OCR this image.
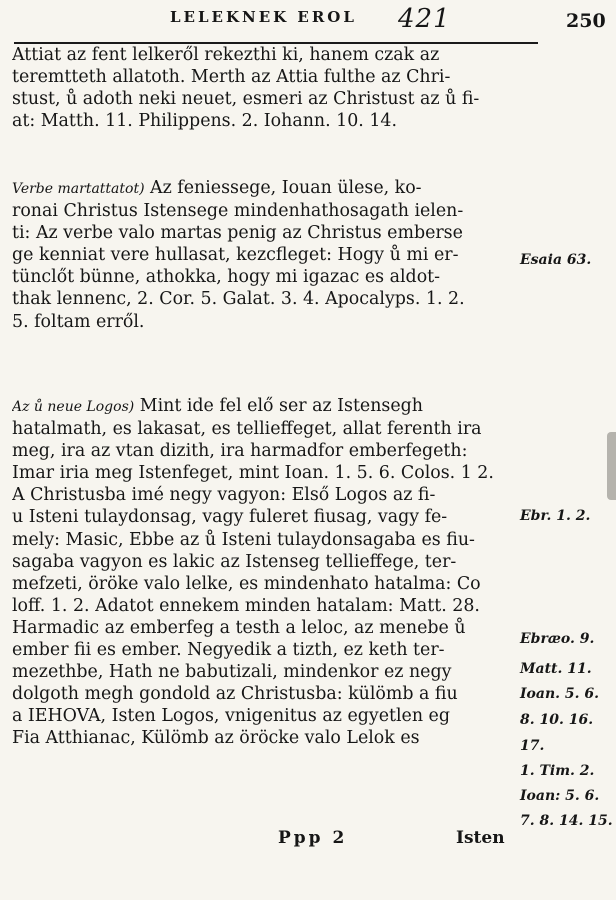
LELEKNEK EROL 421	250
Attiat az fent lelkeről rekezthi ki, hanem czak az
teremtteth allatoth. Merth az Attia fulthe az Chri-
stust, ů adoth neki neuet, esmeri az Christust az ů fi-
at: Matth. 11. Philippens. 2. Iohann. 10. 14.
Verbe martattatot) Az feniessege, Iouan ülese, ko-
ronai Christus Istensege mindenhathosagath ielen-
ti: Az verbe valo martas penig az Christus emberse
ge kenniat vere hullasat, kezcfleget: Hogy ů mi er-
tünclőt bünne, athokka, hogy mi igazac es aldot-
thak lennenc, 2. Cor. 5. Galat. 3. 4. Apocalyps. 1. 2.
5. foltam erről.
Az ů neue Logos) Mint ide fel elő ser az Istensegh
hatalmath, es lakasat, es tellieffeget, allat ferenth ira
meg, ira az vtan dizith, ira harmadfor emberfegeth:
Imar iria meg Istenfeget, mint Ioan. 1. 5. 6. Colos. 1 2.
A Christusba imé negy vagyon: Első Logos az fi-
u Isteni tulaydonsag, vagy fuleret fiusag, vagy fe-
mely: Masic, Ebbe az ů Isteni tulaydonsagaba es fiu-
sagaba vagyon es lakic az Istenseg tellieffege, ter-
mefzeti, öröke valo lelke, es mindenhato hatalma: Co
loff. 1. 2. Adatot ennekem minden hatalam: Matt. 28.
Harmadic az emberfeg a testh a leloc, az menebe ů
ember fii es ember. Negyedik a tizth, ez keth ter-
mezethbe, Hath ne babutizali, mindenkor ez negy
dolgoth megh gondold az Christusba: külömb a fiu
a IEHOVA, Isten Logos, vnigenitus az egyetlen eg
Fia Atthianac, Külömb az öröcke valo Lelok es
Esaia 63.
Ebr. 1. 2.
Ebræo. 9.
Matt. 11.
Ioan. 5. 6.
8. 10. 16.
17.
1. Tim. 2.
Ioan: 5. 6.
7. 8. 14. 15.
Ppp 2	Isten
